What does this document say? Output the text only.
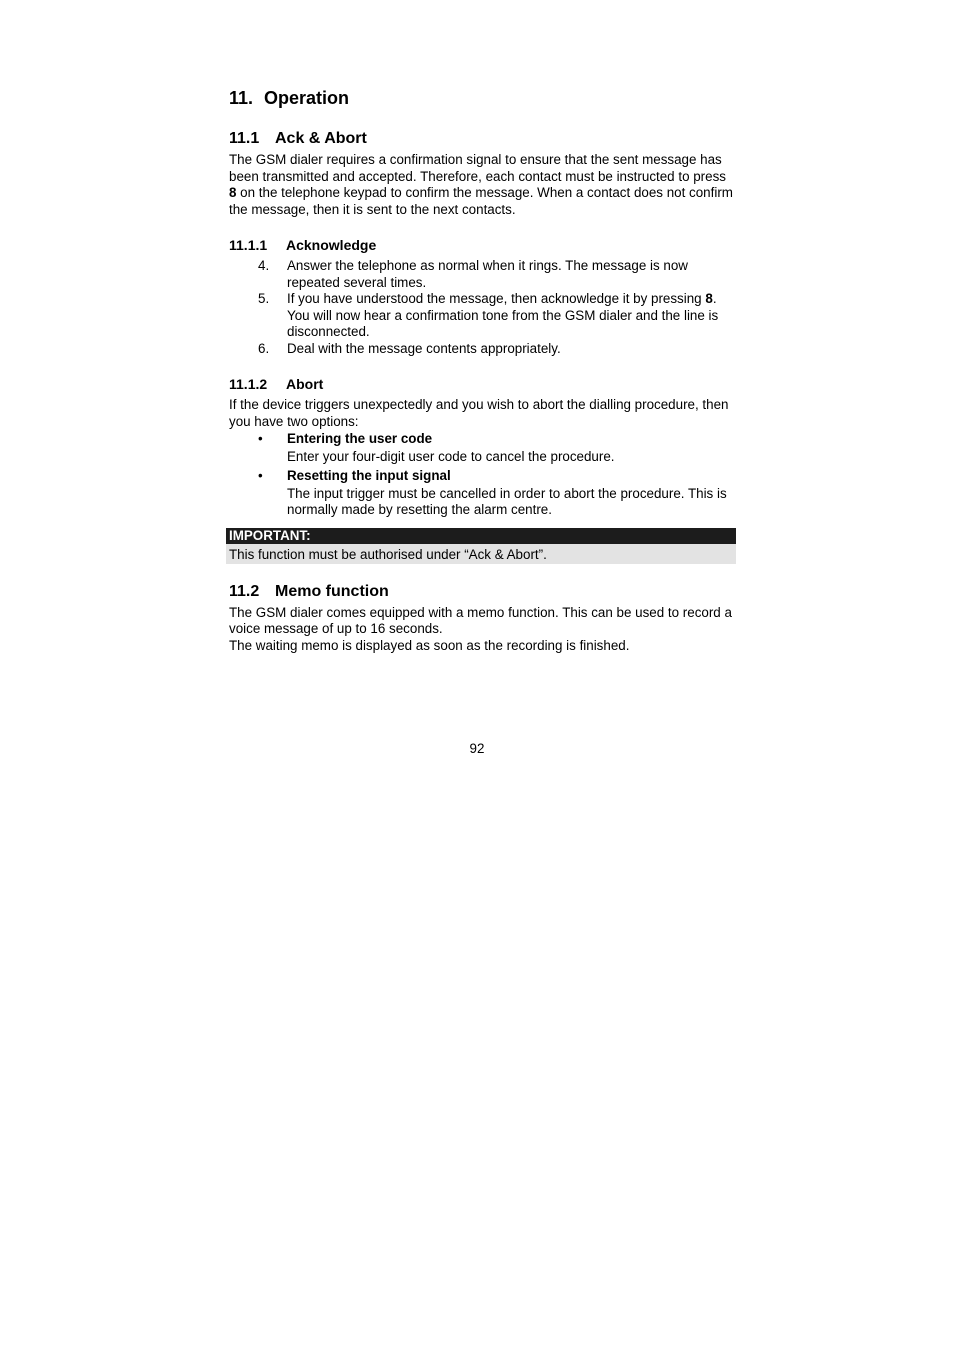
11. Operation
11.1 Ack & Abort

The GSM dialer requires a confirmation signal to ensure that the sent message has been transmitted and accepted. Therefore, each contact must be instructed to press 8 on the telephone keypad to confirm the message. When a contact does not confirm the message, then it is sent to the next contacts.

11.1.1 Acknowledge
4. Answer the telephone as normal when it rings. The message is now repeated several times.
5. If you have understood the message, then acknowledge it by pressing 8. You will now hear a confirmation tone from the GSM dialer and the line is disconnected.
6. Deal with the message contents appropriately.
11.1.2 Abort

If the device triggers unexpectedly and you wish to abort the dialling procedure, then you have two options:

• Entering the user code
Enter your four-digit user code to cancel the procedure.
• Resetting the input signal
The input trigger must be cancelled in order to abort the procedure. This is normally made by resetting the alarm centre.
IMPORTANT:
This function must be authorised under “Ack & Abort”.
11.2 Memo function

The GSM dialer comes equipped with a memo function. This can be used to record a voice message of up to 16 seconds.

The waiting memo is displayed as soon as the recording is finished.

92
